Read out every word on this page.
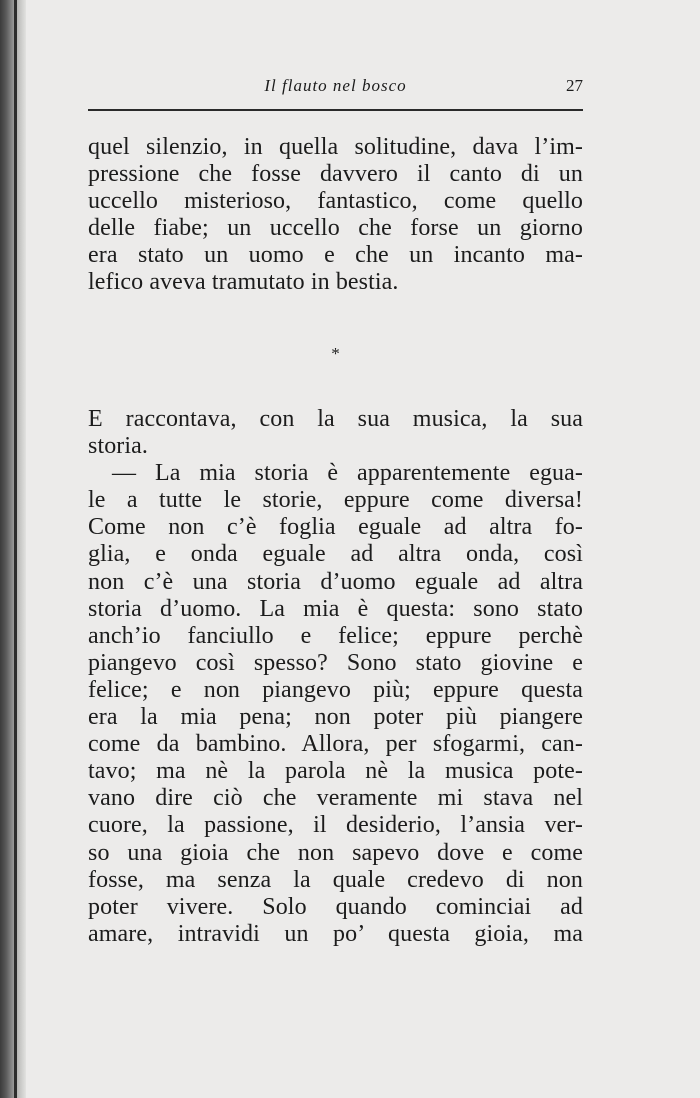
Il flauto nel bosco	27
quel silenzio, in quella solitudine, dava l’im-
pressione che fosse davvero il canto di un
uccello misterioso, fantastico, come quello
delle fiabe; un uccello che forse un giorno
era stato un uomo e che un incanto ma-
lefico aveva tramutato in bestia.
*
E raccontava, con la sua musica, la sua
storia.
— La mia storia è apparentemente egua-
le a tutte le storie, eppure come diversa!
Come non c’è foglia eguale ad altra fo-
glia, e onda eguale ad altra onda, così
non c’è una storia d’uomo eguale ad altra
storia d’uomo. La mia è questa: sono stato
anch’io fanciullo e felice; eppure perchè
piangevo così spesso? Sono stato giovine e
felice; e non piangevo più; eppure questa
era la mia pena; non poter più piangere
come da bambino. Allora, per sfogarmi, can-
tavo; ma nè la parola nè la musica pote-
vano dire ciò che veramente mi stava nel
cuore, la passione, il desiderio, l’ansia ver-
so una gioia che non sapevo dove e come
fosse, ma senza la quale credevo di non
poter vivere. Solo quando cominciai ad
amare, intravidi un po’ questa gioia, ma
